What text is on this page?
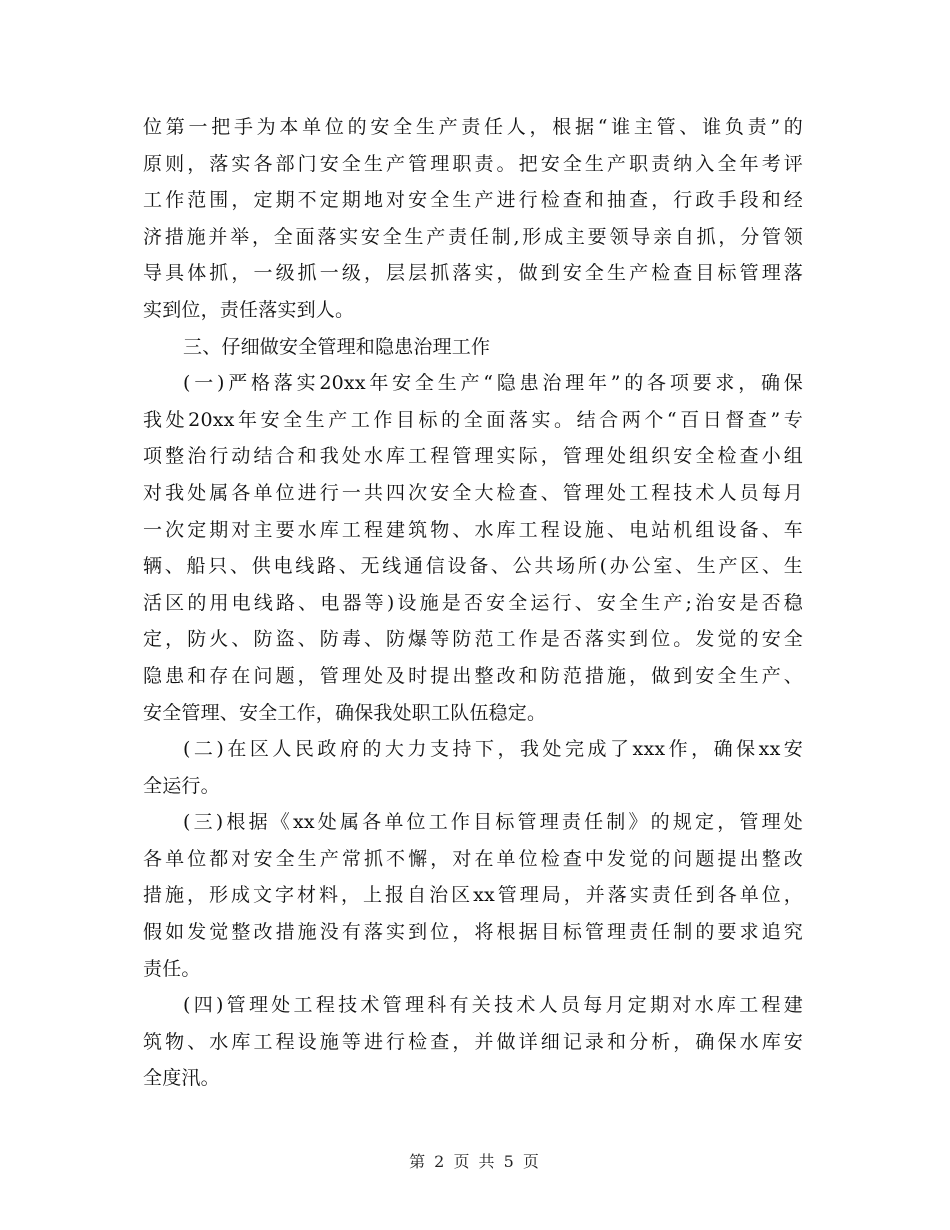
位第一把手为本单位的安全生产责任人，根据“谁主管、谁负责”的
原则，落实各部门安全生产管理职责。把安全生产职责纳入全年考评
工作范围，定期不定期地对安全生产进行检查和抽查，行政手段和经
济措施并举，全面落实安全生产责任制,形成主要领导亲自抓，分管领
导具体抓，一级抓一级，层层抓落实，做到安全生产检查目标管理落
实到位，责任落实到人。
三、仔细做安全管理和隐患治理工作
(一)严格落实20xx年安全生产“隐患治理年”的各项要求，确保
我处20xx年安全生产工作目标的全面落实。结合两个“百日督查”专
项整治行动结合和我处水库工程管理实际，管理处组织安全检查小组
对我处属各单位进行一共四次安全大检查、管理处工程技术人员每月
一次定期对主要水库工程建筑物、水库工程设施、电站机组设备、车
辆、船只、供电线路、无线通信设备、公共场所(办公室、生产区、生
活区的用电线路、电器等)设施是否安全运行、安全生产;治安是否稳
定，防火、防盗、防毒、防爆等防范工作是否落实到位。发觉的安全
隐患和存在问题，管理处及时提出整改和防范措施，做到安全生产、
安全管理、安全工作，确保我处职工队伍稳定。
(二)在区人民政府的大力支持下，我处完成了xxx作，确保xx安
全运行。
(三)根据《xx处属各单位工作目标管理责任制》的规定，管理处
各单位都对安全生产常抓不懈，对在单位检查中发觉的问题提出整改
措施，形成文字材料，上报自治区xx管理局，并落实责任到各单位，
假如发觉整改措施没有落实到位，将根据目标管理责任制的要求追究
责任。
(四)管理处工程技术管理科有关技术人员每月定期对水库工程建
筑物、水库工程设施等进行检查，并做详细记录和分析，确保水库安
全度汛。
第 2 页 共 5 页
